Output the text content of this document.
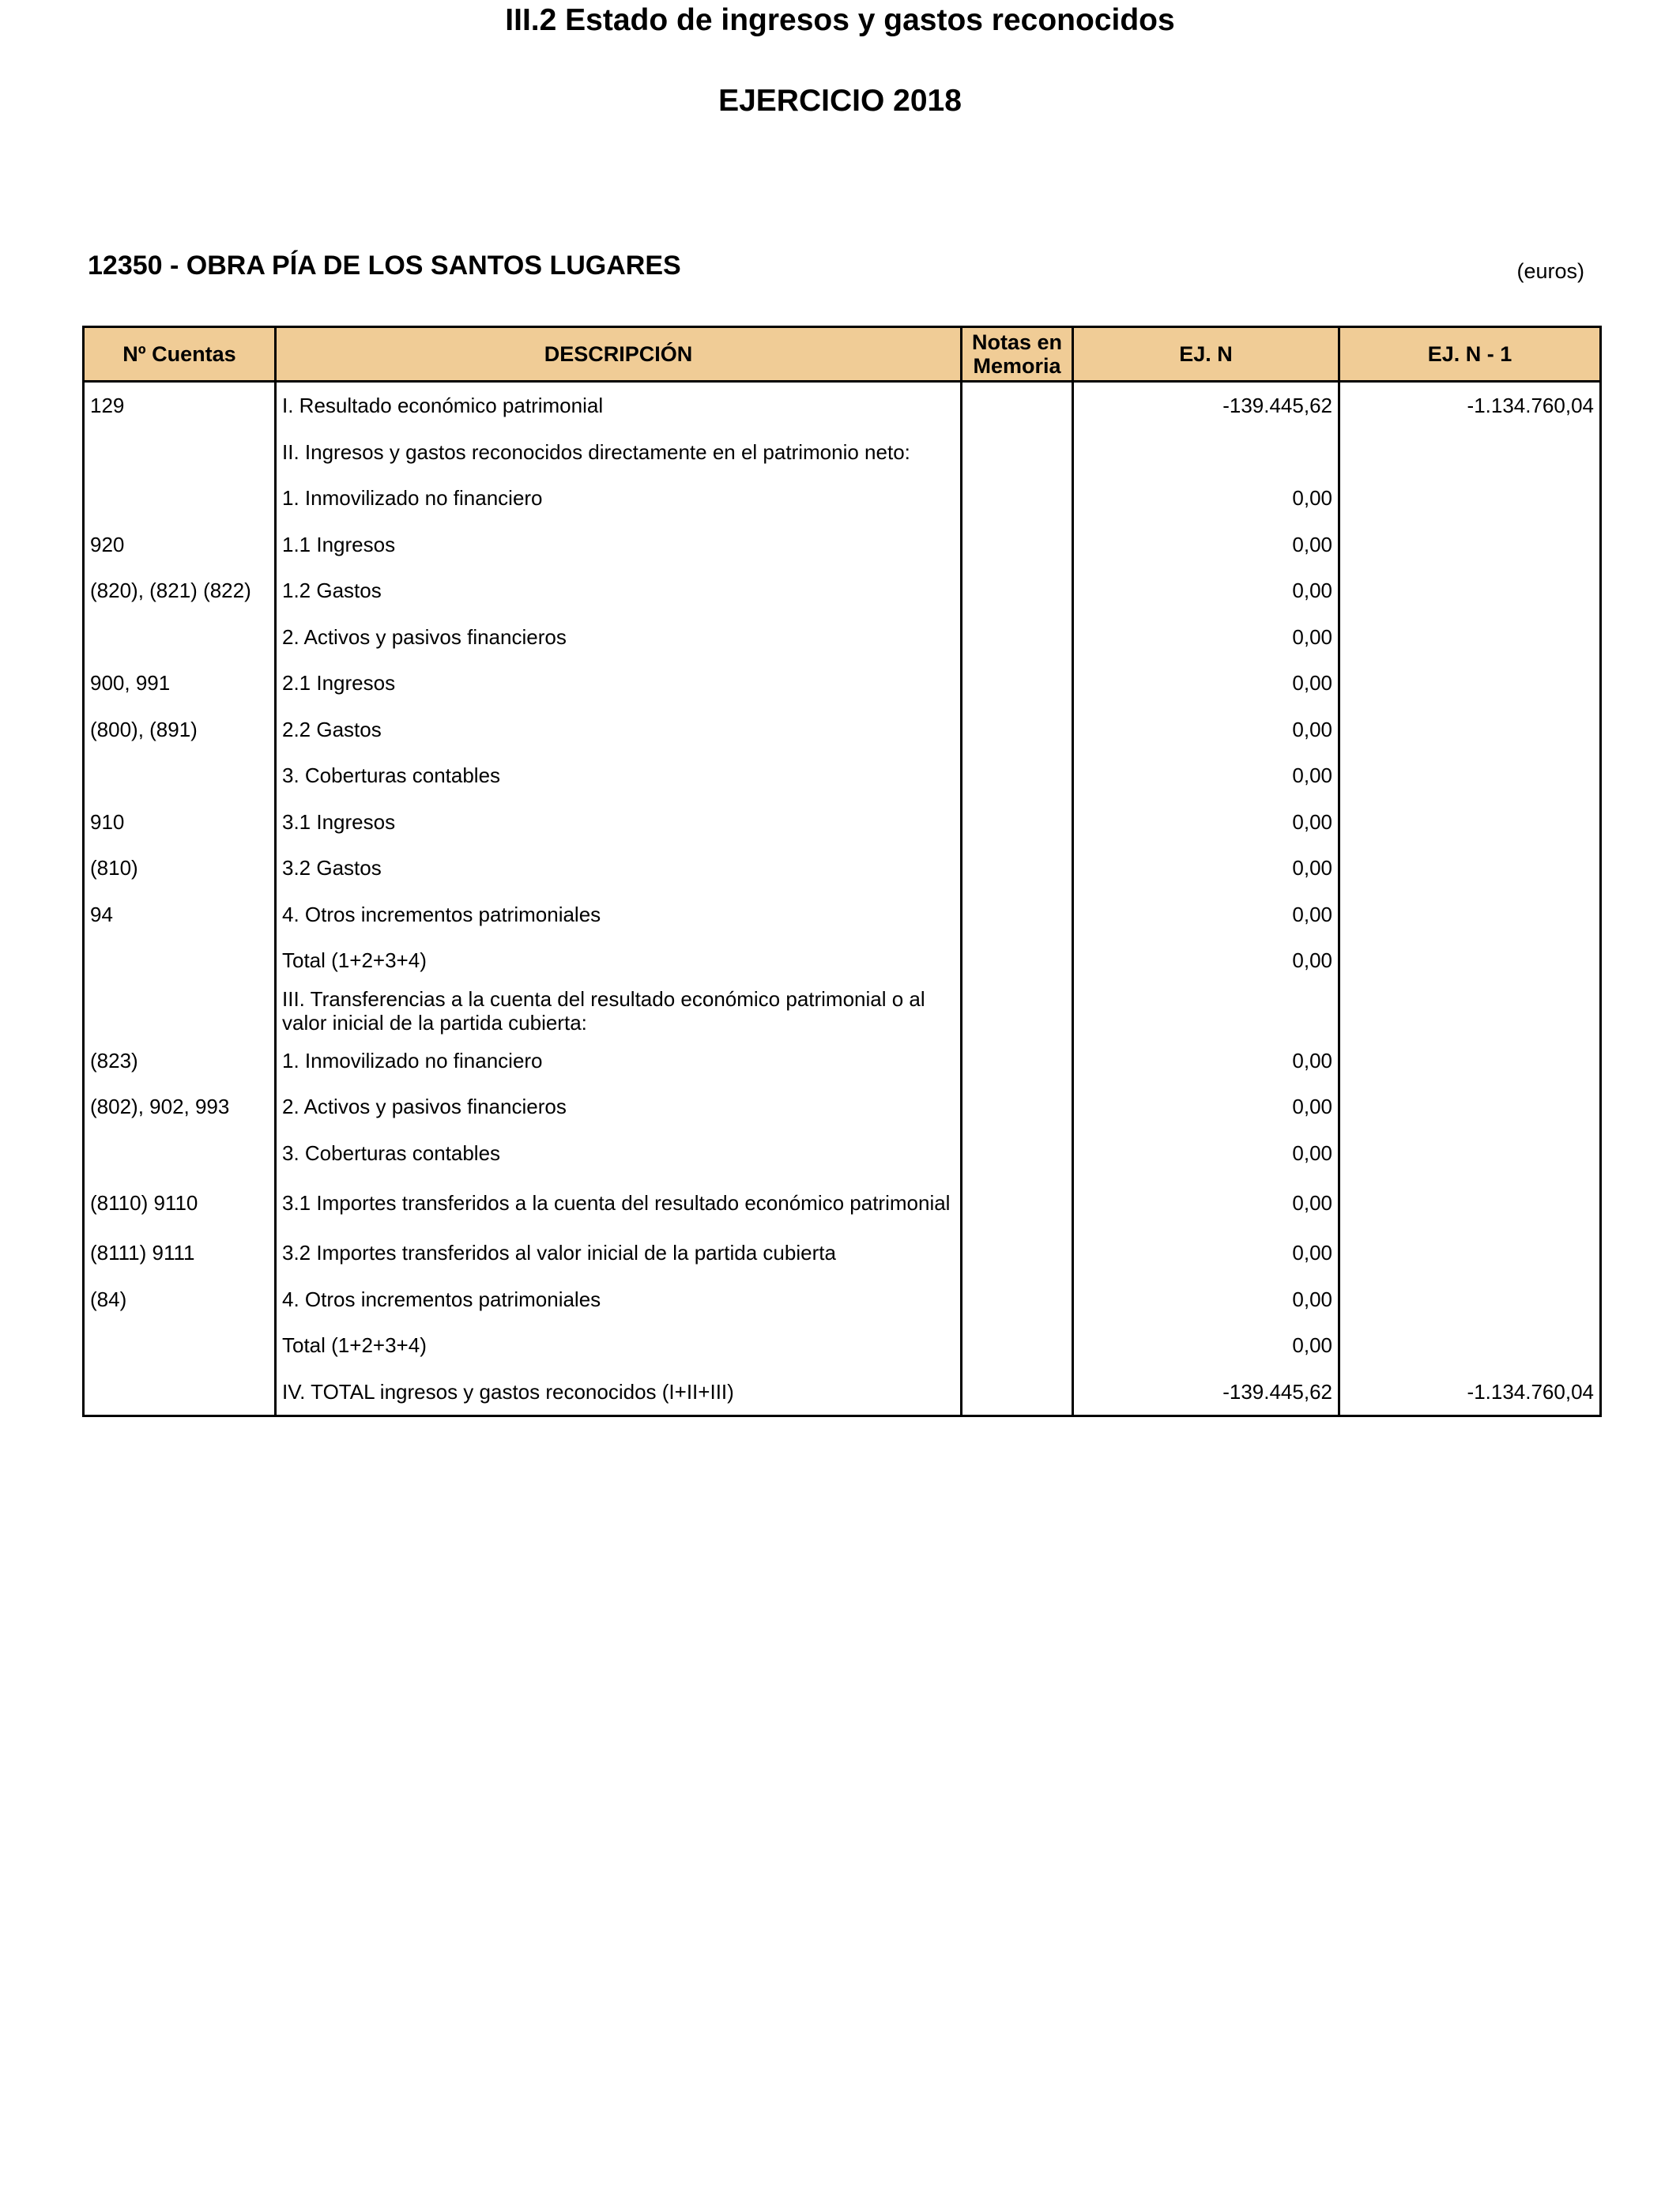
III.2 Estado de ingresos y gastos reconocidos
EJERCICIO 2018
12350 - OBRA PÍA DE LOS SANTOS LUGARES	(euros)
Nº Cuentas	DESCRIPCIÓN	Notas en Memoria	EJ. N	EJ. N - 1
129	I. Resultado económico patrimonial		-139.445,62	-1.134.760,04
	II. Ingresos y gastos reconocidos directamente en el patrimonio neto:			
	1. Inmovilizado no financiero		0,00	
920	1.1 Ingresos		0,00	
(820), (821) (822)	1.2 Gastos		0,00	
	2. Activos y pasivos financieros		0,00	
900, 991	2.1 Ingresos		0,00	
(800), (891)	2.2 Gastos		0,00	
	3. Coberturas contables		0,00	
910	3.1 Ingresos		0,00	
(810)	3.2 Gastos		0,00	
94	4. Otros incrementos patrimoniales		0,00	
	Total (1+2+3+4)		0,00	
	III. Transferencias a la cuenta del resultado económico patrimonial o al valor inicial de la partida cubierta:			
(823)	1. Inmovilizado no financiero		0,00	
(802), 902, 993	2. Activos y pasivos financieros		0,00	
	3. Coberturas contables		0,00	
(8110) 9110	3.1 Importes transferidos a la cuenta del resultado económico patrimonial		0,00	
(8111) 9111	3.2 Importes transferidos al valor inicial de la partida cubierta		0,00	
(84)	4. Otros incrementos patrimoniales		0,00	
	Total (1+2+3+4)		0,00	
	IV. TOTAL ingresos y gastos reconocidos (I+II+III)		-139.445,62	-1.134.760,04
